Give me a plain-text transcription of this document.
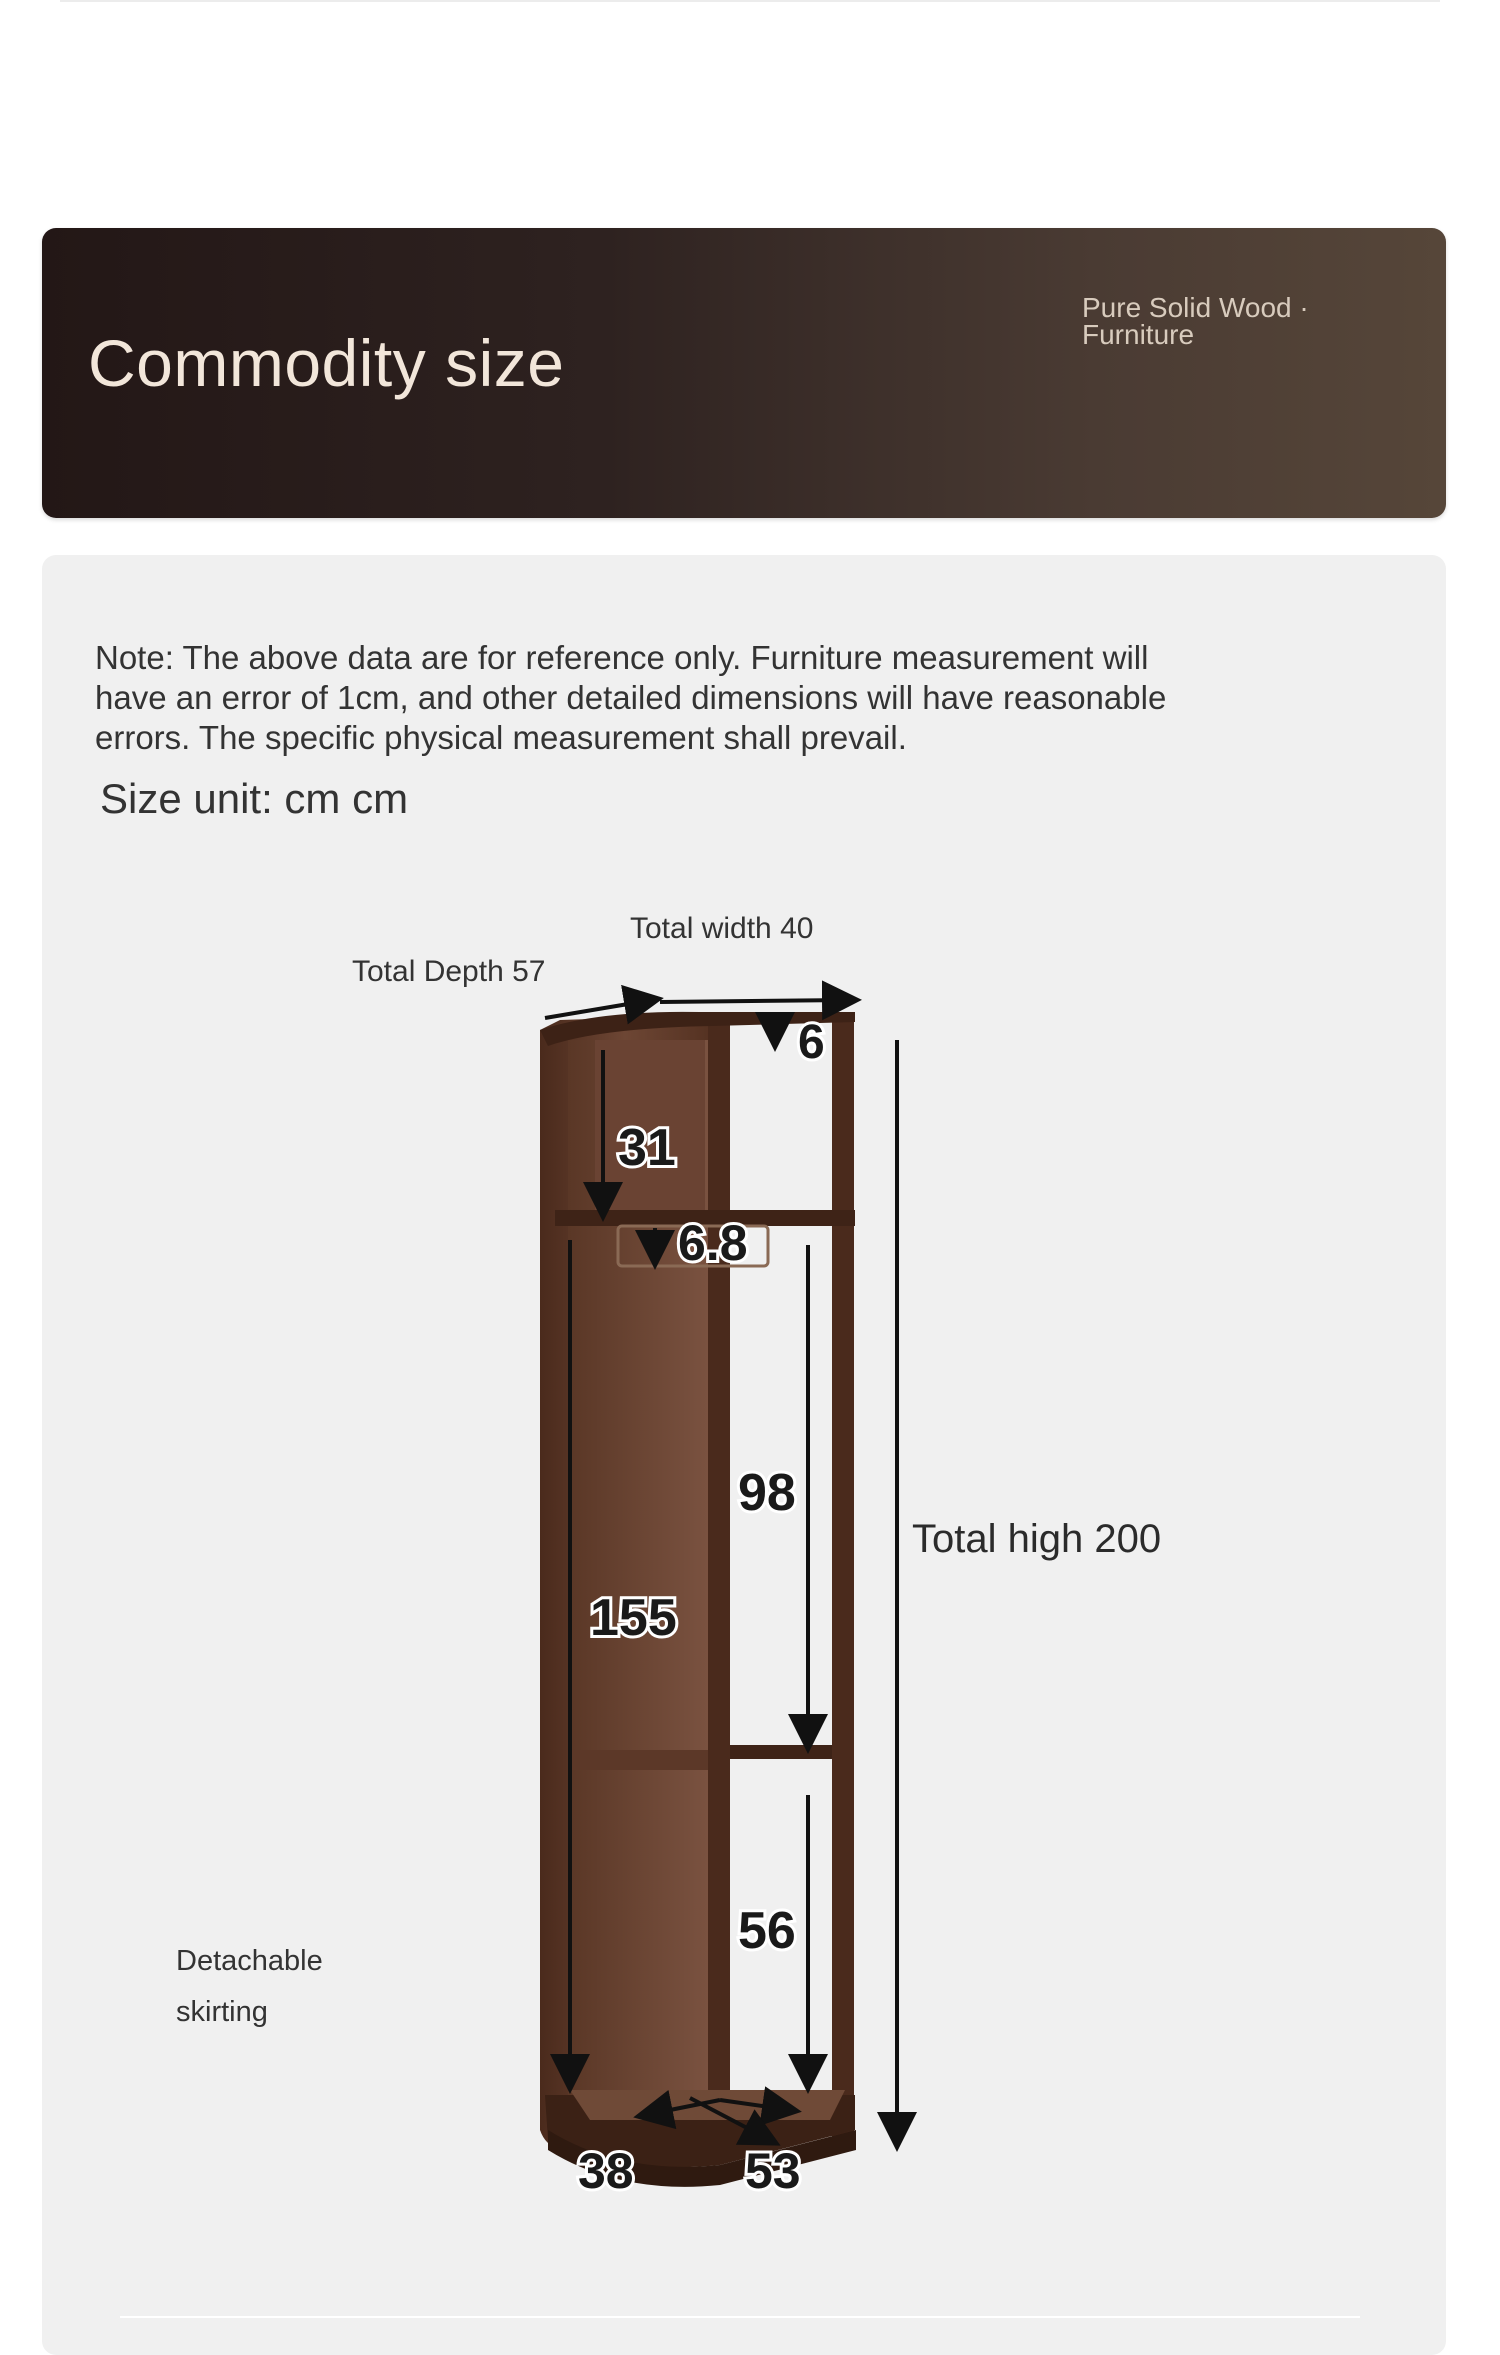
Commodity size
Pure Solid Wood · Furniture
Note: The above data are for reference only. Furniture measurement will have an error of 1cm, and other detailed dimensions will have reasonable errors. The specific physical measurement shall prevail.
Size unit: cm cm
Total width 40
Total Depth 57
Total high 200
Detachable
skirting
6
31
6.8
98
155
56
38 53
